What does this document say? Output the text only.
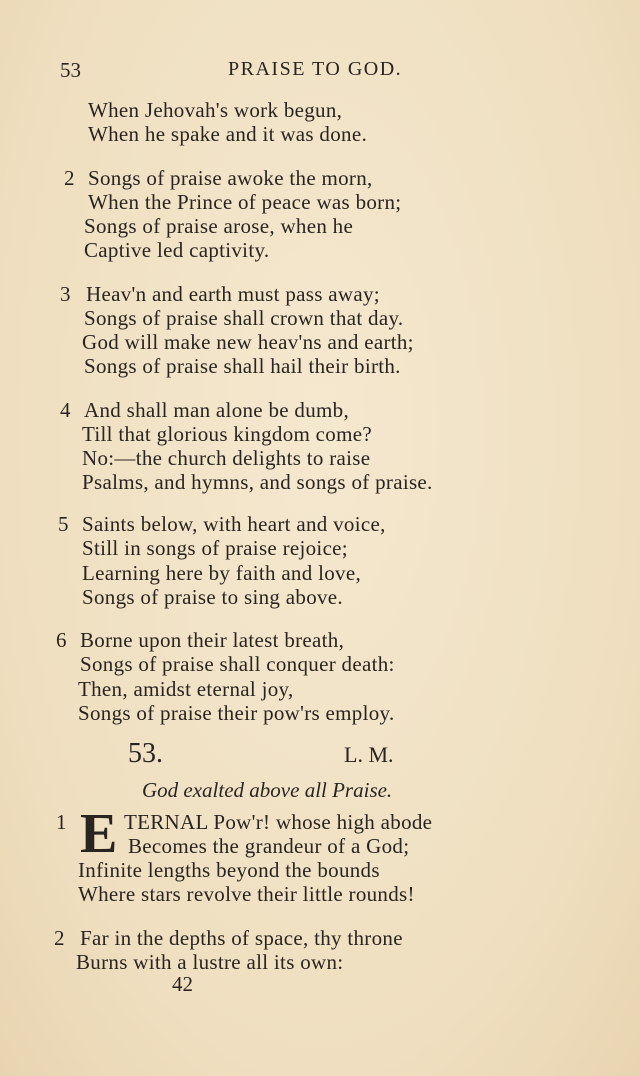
53	PRAISE TO GOD.
When Jehovah's work begun,
When he spake and it was done.
2 Songs of praise awoke the morn,
When the Prince of peace was born;
Songs of praise arose, when he
Captive led captivity.
3 Heav'n and earth must pass away;
Songs of praise shall crown that day.
God will make new heav'ns and earth;
Songs of praise shall hail their birth.
4 And shall man alone be dumb,
Till that glorious kingdom come?
No:—the church delights to raise
Psalms, and hymns, and songs of praise.
5 Saints below, with heart and voice,
Still in songs of praise rejoice;
Learning here by faith and love,
Songs of praise to sing above.
6 Borne upon their latest breath,
Songs of praise shall conquer death:
Then, amidst eternal joy,
Songs of praise their pow'rs employ.
53.	L. M.
God exalted above all Praise.
1 E TERNAL Pow'r! whose high abode
Becomes the grandeur of a God;
Infinite lengths beyond the bounds
Where stars revolve their little rounds!
2 Far in the depths of space, thy throne
Burns with a lustre all its own:
42
